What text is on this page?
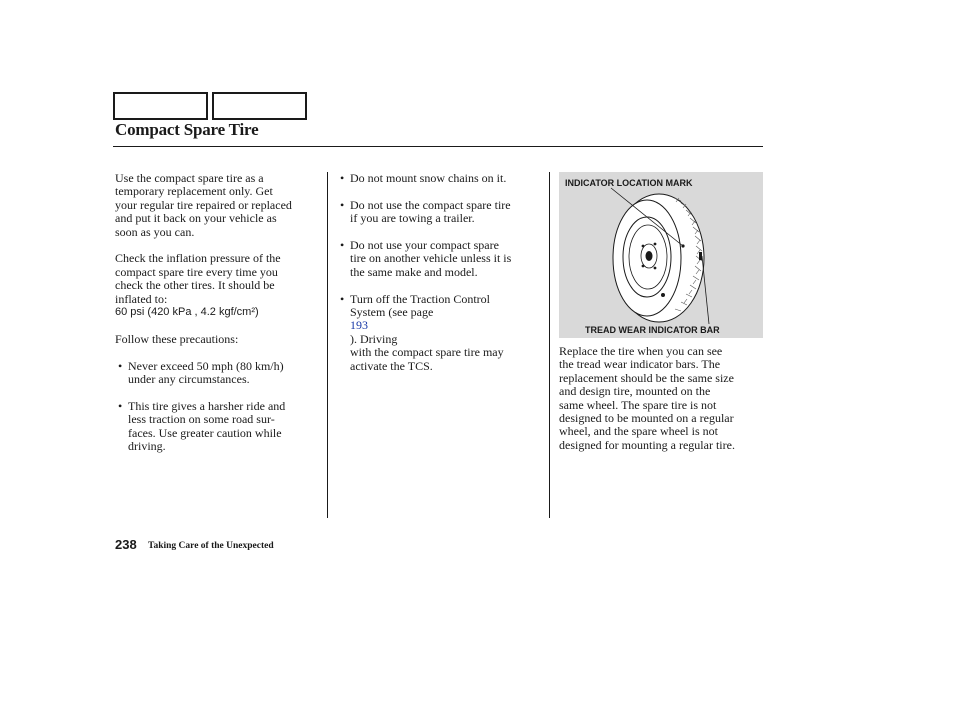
Compact Spare Tire

Use the compact spare tire as a
temporary replacement only. Get
your regular tire repaired or replaced
and put it back on your vehicle as
soon as you can.

Check the inflation pressure of the
compact spare tire every time you
check the other tires. It should be
inflated to:

60 psi (420 kPa , 4.2 kgf/cm²)

Follow these precautions:

• Never exceed 50 mph (80 km/h)
under any circumstances.
• This tire gives a harsher ride and
less traction on some road sur-
faces. Use greater caution while
driving.
• Do not mount snow chains on it.
• Do not use the compact spare tire
if you are towing a trailer.
• Do not use your compact spare
tire on another vehicle unless it is
the same make and model.
• Turn off the Traction Control
System (see page
193
). Driving
with the compact spare tire may
activate the TCS.
INDICATOR LOCATION MARK
TREAD WEAR INDICATOR BAR

Replace the tire when you can see
the tread wear indicator bars. The
replacement should be the same size
and design tire, mounted on the
same wheel. The spare tire is not
designed to be mounted on a regular
wheel, and the spare wheel is not
designed for mounting a regular tire.

238 Taking Care of the Unexpected
